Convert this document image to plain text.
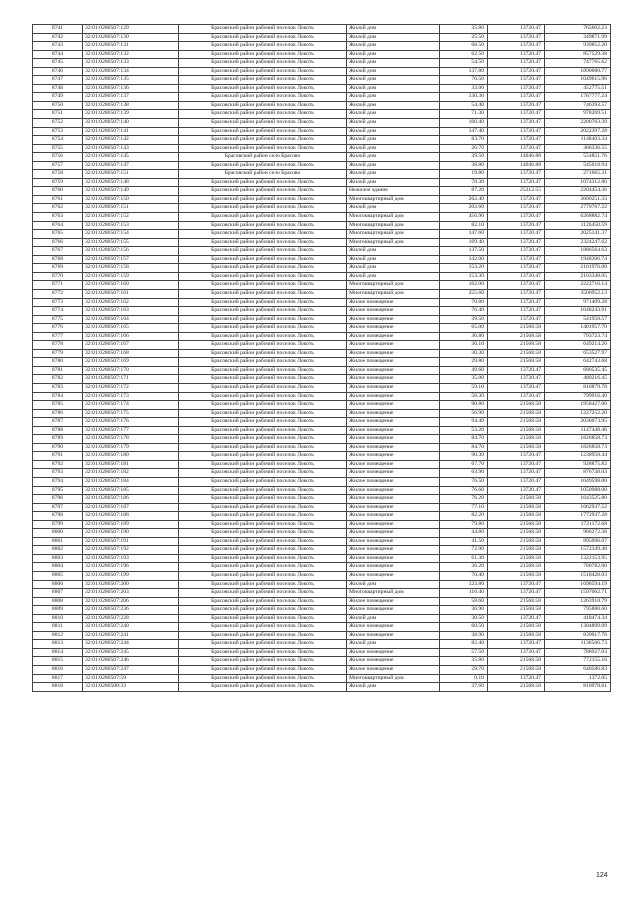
8741	32:01:0280507:129	Брасовский район рабочий поселок Локоть	Жилой дом	35.80	13720.47	765602.23
8742	32:01:0280507:130	Брасовский район рабочий поселок Локоть	Жилой дом	25.50	13720.47	349871.99
8743	32:01:0280507:131	Брасовский район рабочий поселок Локоть	Жилой дом	68.50	13720.47	939852.20
8744	32:01:0280507:132	Брасовский район рабочий поселок Локоть	Жилой дом	62.50	13720.47	857529.38
8745	32:01:0280507:133	Брасовский район рабочий поселок Локоть	Жилой дом	54.50	13720.47	747765.62
8746	32:01:0280507:134	Брасовский район рабочий поселок Локоть	Жилой дом	137.80	13720.47	1890680.77
8747	32:01:0280507:135	Брасовский район рабочий поселок Локоть	Жилой дом	76.50	13720.47	1049615.96
8748	32:01:0280507:136	Брасовский район рабочий поселок Локоть	Жилой дом	33.00	13720.47	452775.51
8749	32:01:0280507:137	Брасовский район рабочий поселок Локоть	Жилой дом	130.30	13720.47	1787777.24
8750	32:01:0280507:138	Брасовский район рабочий поселок Локоть	Жилой дом	54.40	13720.47	746393.57
8751	32:01:0280507:139	Брасовский район рабочий поселок Локоть	Жилой дом	71.30	13720.47	978269.51
8752	32:01:0280507:140	Брасовский район рабочий поселок Локоть	Жилой дом	160.40	13720.47	2200763.39
8753	32:01:0280507:141	Брасовский район рабочий поселок Локоть	Жилой дом	147.40	13720.47	2022397.28
8754	32:01:0280507:142	Брасовский район рабочий поселок Локоть	Жилой дом	83.70	13720.47	1148403.34
8755	32:01:0280507:143	Брасовский район рабочий поселок Локоть	Жилой дом	26.70	13720.47	366336.55
8756	32:01:0280507:145	Брасовский район село Брасово	Жилой дом	39.50	14046.88	554851.76
8757	32:01:0280507:147	Брасовский район рабочий поселок Локоть	Жилой дом	38.80	14046.88	545018.94
8758	32:01:0280507:151	Брасовский район село Брасово	Жилой дом	19.80	13720.47	271665.31
8759	32:01:0280507:148	Брасовский район рабочий поселок Локоть	Жилой дом	78.30	13720.47	1074312.80
8760	32:01:0280507:149	Брасовский район рабочий поселок Локоть	Нежилое здание	87.20	25312.55	2204454.36
8761	32:01:0280507:150	Брасовский район рабочий поселок Локоть	Многоквартирный дом	262.40	13720.47	3600251.33
8762	32:01:0280507:151	Брасовский район рабочий поселок Локоть	Жилой дом	202.60	13720.47	2779767.22
8763	32:01:0280507:152	Брасовский район рабочий поселок Локоть	Многоквартирный дом	456.90	13720.47	6268882.74
8764	32:01:0280507:153	Брасовский район рабочий поселок Локоть	Многоквартирный дом	82.10	13720.47	1126450.59
8765	32:01:0280507:154	Брасовский район рабочий поселок Локоть	Многоквартирный дом	147.60	13720.47	2025141.37
8766	32:01:0280507:155	Брасовский район рабочий поселок Локоть	Многоквартирный дом	169.40	13720.47	2324247.62
8767	32:01:0280507:156	Брасовский район рабочий поселок Локоть	Жилой дом	137.50	13720.47	1886564.63
8768	32:01:0280507:157	Брасовский район рабочий поселок Локоть	Жилой дом	142.00	13720.47	1948306.74
8769	32:01:0280507:158	Брасовский район рабочий поселок Локоть	Жилой дом	153.20	13720.47	2101976.00
8770	32:01:0280507:159	Брасовский район рабочий поселок Локоть	Жилой дом	153.30	13720.47	2103348.05
8771	32:01:0280507:160	Брасовский район рабочий поселок Локоть	Многоквартирный дом	162.00	13720.47	2222716.14
8772	32:01:0280507:161	Брасовский район рабочий поселок Локоть	Многоквартирный дом	255.60	13720.47	3506952.13
8773	32:01:0280507:162	Брасовский район рабочий поселок Локоть	Жилое помещение	70.80	13720.47	971409.28
8774	32:01:0280507:163	Брасовский район рабочий поселок Локоть	Жилое помещение	76.40	13720.47	1048243.91
8775	32:01:0280507:164	Брасовский район рабочий поселок Локоть	Жилое помещение	39.50	13720.47	541958.57
8776	32:01:0280507:165	Брасовский район рабочий поселок Локоть	Жилое помещение	65.00	21568.58	1401957.70
8777	32:01:0280507:166	Брасовский район рабочий поселок Локоть	Жилое помещение	36.80	21568.58	793723.74
8778	32:01:0280507:167	Брасовский район рабочий поселок Локоть	Жилое помещение	30.10	21568.58	649214.26
8779	32:01:0280507:168	Брасовский район рабочий поселок Локоть	Жилое помещение	30.30	21568.58	653527.97
8780	32:01:0280507:169	Брасовский район рабочий поселок Локоть	Жилое помещение	29.80	21568.58	642743.68
8781	32:01:0280507:170	Брасовский район рабочий поселок Локоть	Жилое помещение	49.60	13720.47	680535.45
8782	32:01:0280507:171	Брасовский район рабочий поселок Локоть	Жилое помещение	35.00	13720.47	480216.45
8783	32:01:0280507:172	Брасовский район рабочий поселок Локоть	Жилое помещение	59.10	13720.47	810879.78
8784	32:01:0280507:173	Брасовский район рабочий поселок Локоть	Жилое помещение	58.30	13720.47	799916.40
8785	32:01:0280507:174	Брасовский район рабочий поселок Локоть	Жилое помещение	90.80	21568.58	1958427.06
8786	32:01:0280507:175	Брасовский район рабочий поселок Локоть	Жилое помещение	56.90	21568.58	1227252.20
8787	32:01:0280507:176	Брасовский район рабочий поселок Локоть	Жилое помещение	94.40	21568.58	2036073.95
8788	32:01:0280507:177	Брасовский район рабочий поселок Локоть	Жилое помещение	53.20	21568.58	1147448.46
8789	32:01:0280507:178	Брасовский район рабочий поселок Локоть	Жилое помещение	84.70	21568.58	1826858.73
8790	32:01:0280507:179	Брасовский район рабочий поселок Локоть	Жилое помещение	84.70	21568.58	1826858.73
8791	32:01:0280507:180	Брасовский район рабочий поселок Локоть	Жилое помещение	90.30	13720.47	1238958.44
8792	32:01:0280507:181	Брасовский район рабочий поселок Локоть	Жилое помещение	67.70	13720.47	928875.82
8793	32:01:0280507:182	Брасовский район рабочий поселок Локоть	Жилое помещение	63.90	13720.47	876738.03
8794	32:01:0280507:184	Брасовский район рабочий поселок Локоть	Жилое помещение	76.50	13720.47	1049598.00
8795	32:01:0280507:185	Брасовский район рабочий поселок Локоть	Жилое помещение	76.60	13720.47	1050988.00
8796	32:01:0280507:186	Брасовский район рабочий поселок Локоть	Жилое помещение	76.20	21568.58	1643525.80
8797	32:01:0280507:187	Брасовский район рабочий поселок Локоть	Жилое помещение	77.10	21568.58	1662937.52
8798	32:01:0280507:188	Брасовский район рабочий поселок Локоть	Жилое помещение	82.20	21568.58	1772937.28
8799	32:01:0280507:189	Брасовский район рабочий поселок Локоть	Жилое помещение	79.80	21568.58	1721172.68
8800	32:01:0280507:190	Брасовский район рабочий поселок Локоть	Жилое помещение	44.80	21568.58	966272.38
8801	32:01:0280507:191	Брасовский район рабочий поселок Локоть	Жилое помещение	41.50	21568.58	895096.07
8802	32:01:0280507:192	Брасовский район рабочий поселок Локоть	Жилое помещение	72.90	21568.58	1572349.48
8803	32:01:0280507:193	Брасовский район рабочий поселок Локоть	Жилое помещение	61.30	21568.58	1322153.95
8804	32:01:0280507:196	Брасовский район рабочий поселок Локоть	Жилое помещение	36.20	21568.58	780782.60
8805	32:01:0280507:199	Брасовский район рабочий поселок Локоть	Жилое помещение	70.40	21568.58	1518428.03
8806	32:01:0280507:200	Брасовский район рабочий поселок Локоть	Жилой дом	123.80	13720.47	1698594.19
8807	32:01:0280507:203	Брасовский район рабочий поселок Локоть	Многоквартирный дом	116.40	13720.47	1597062.71
8808	32:01:0280507:206	Брасовский район рабочий поселок Локоть	Жилое помещение	58.60	21568.58	1263918.79
8809	32:01:0280507:236	Брасовский район рабочий поселок Локоть	Жилое помещение	36.90	21568.58	795880.60
8810	32:01:0280507:228	Брасовский район рабочий поселок Локоть	Жилой дом	30.50	13720.47	418474.34
8811	32:01:0280507:240	Брасовский район рабочий поселок Локоть	Жилое помещение	60.50	21568.58	1304899.09
8812	32:01:0280507:241	Брасовский район рабочий поселок Локоть	Жилое помещение	38.90	21568.58	839017.76
8813	32:01:0280507:244	Брасовский район рабочий поселок Локоть	Жилой дом	82.40	13720.47	1130566.73
8814	32:01:0280507:245	Брасовский район рабочий поселок Локоть	Жилое помещение	57.50	13720.47	788927.03
8815	32:01:0280507:246	Брасовский район рабочий поселок Локоть	Жилое помещение	35.80	21568.58	772155.16
8816	32:01:0280507:247	Брасовский район рабочий поселок Локоть	Жилое помещение	29.70	21568.58	640586.83
8817	32:01:0280507:59	Брасовский район рабочий поселок Локоть	Многоквартирный дом	0.10	13720.47	1372.05
8818	32:01:0280508:33	Брасовский район рабочий поселок Локоть	Жилой дом	37.60	21568.58	810978.61
124
